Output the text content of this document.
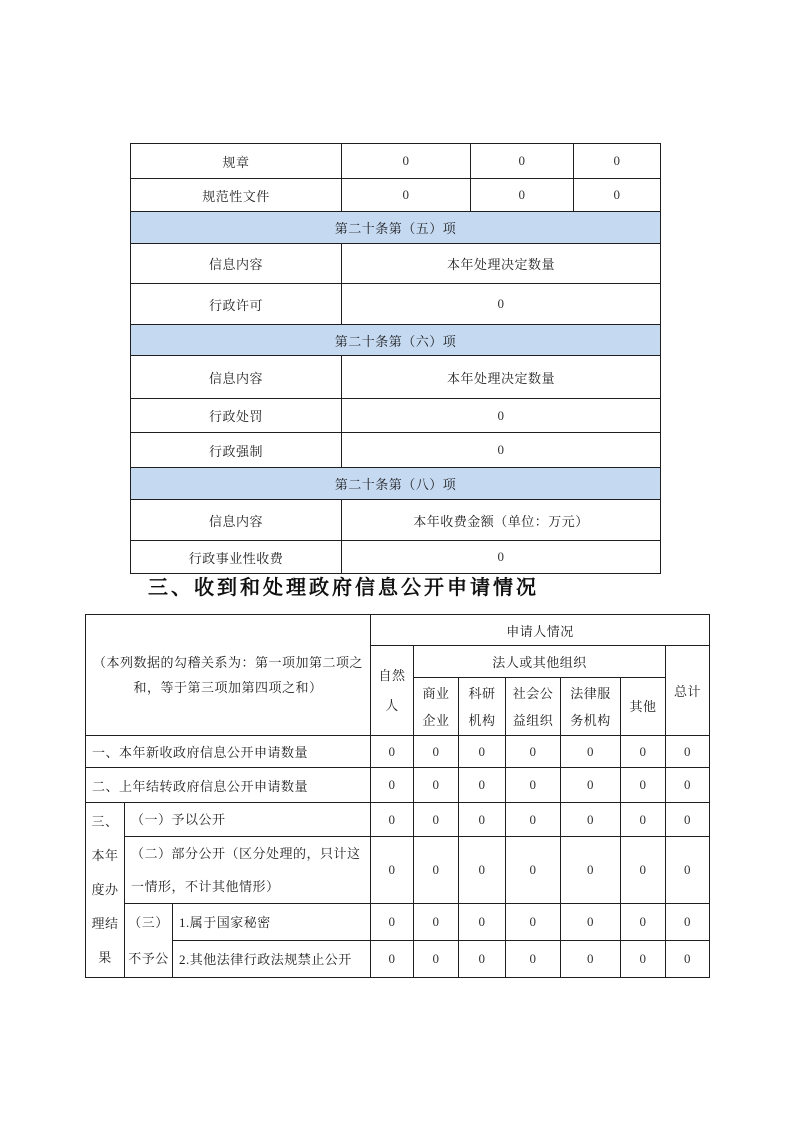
规章	0	0	0
规范性文件	0	0	0
第二十条第（五）项			
信息内容	本年处理决定数量		
行政许可	0		
第二十条第（六）项			
信息内容	本年处理决定数量		
行政处罚	0		
行政强制	0		
第二十条第（八）项			
信息内容	本年收费金额（单位：万元）		
行政事业性收费	0		
三、收到和处理政府信息公开申请情况
（本列数据的勾稽关系为：第一项加第二项之和，等于第三项加第四项之和）			申请人情况						
			自然人	法人或其他组织					总计
				商业企业	科研机构	社会公益组织	法律服务机构	其他	
一、本年新收政府信息公开申请数量			0	0	0	0	0	0	0
二、上年结转政府信息公开申请数量			0	0	0	0	0	0	0
三、本年度办理结果	（一）予以公开		0	0	0	0	0	0	0
	（二）部分公开（区分处理的，只计这一情形，不计其他情形）		0	0	0	0	0	0	0
	（三）不予公	1.属于国家秘密	0	0	0	0	0	0	0
		2.其他法律行政法规禁止公开	0	0	0	0	0	0	0
